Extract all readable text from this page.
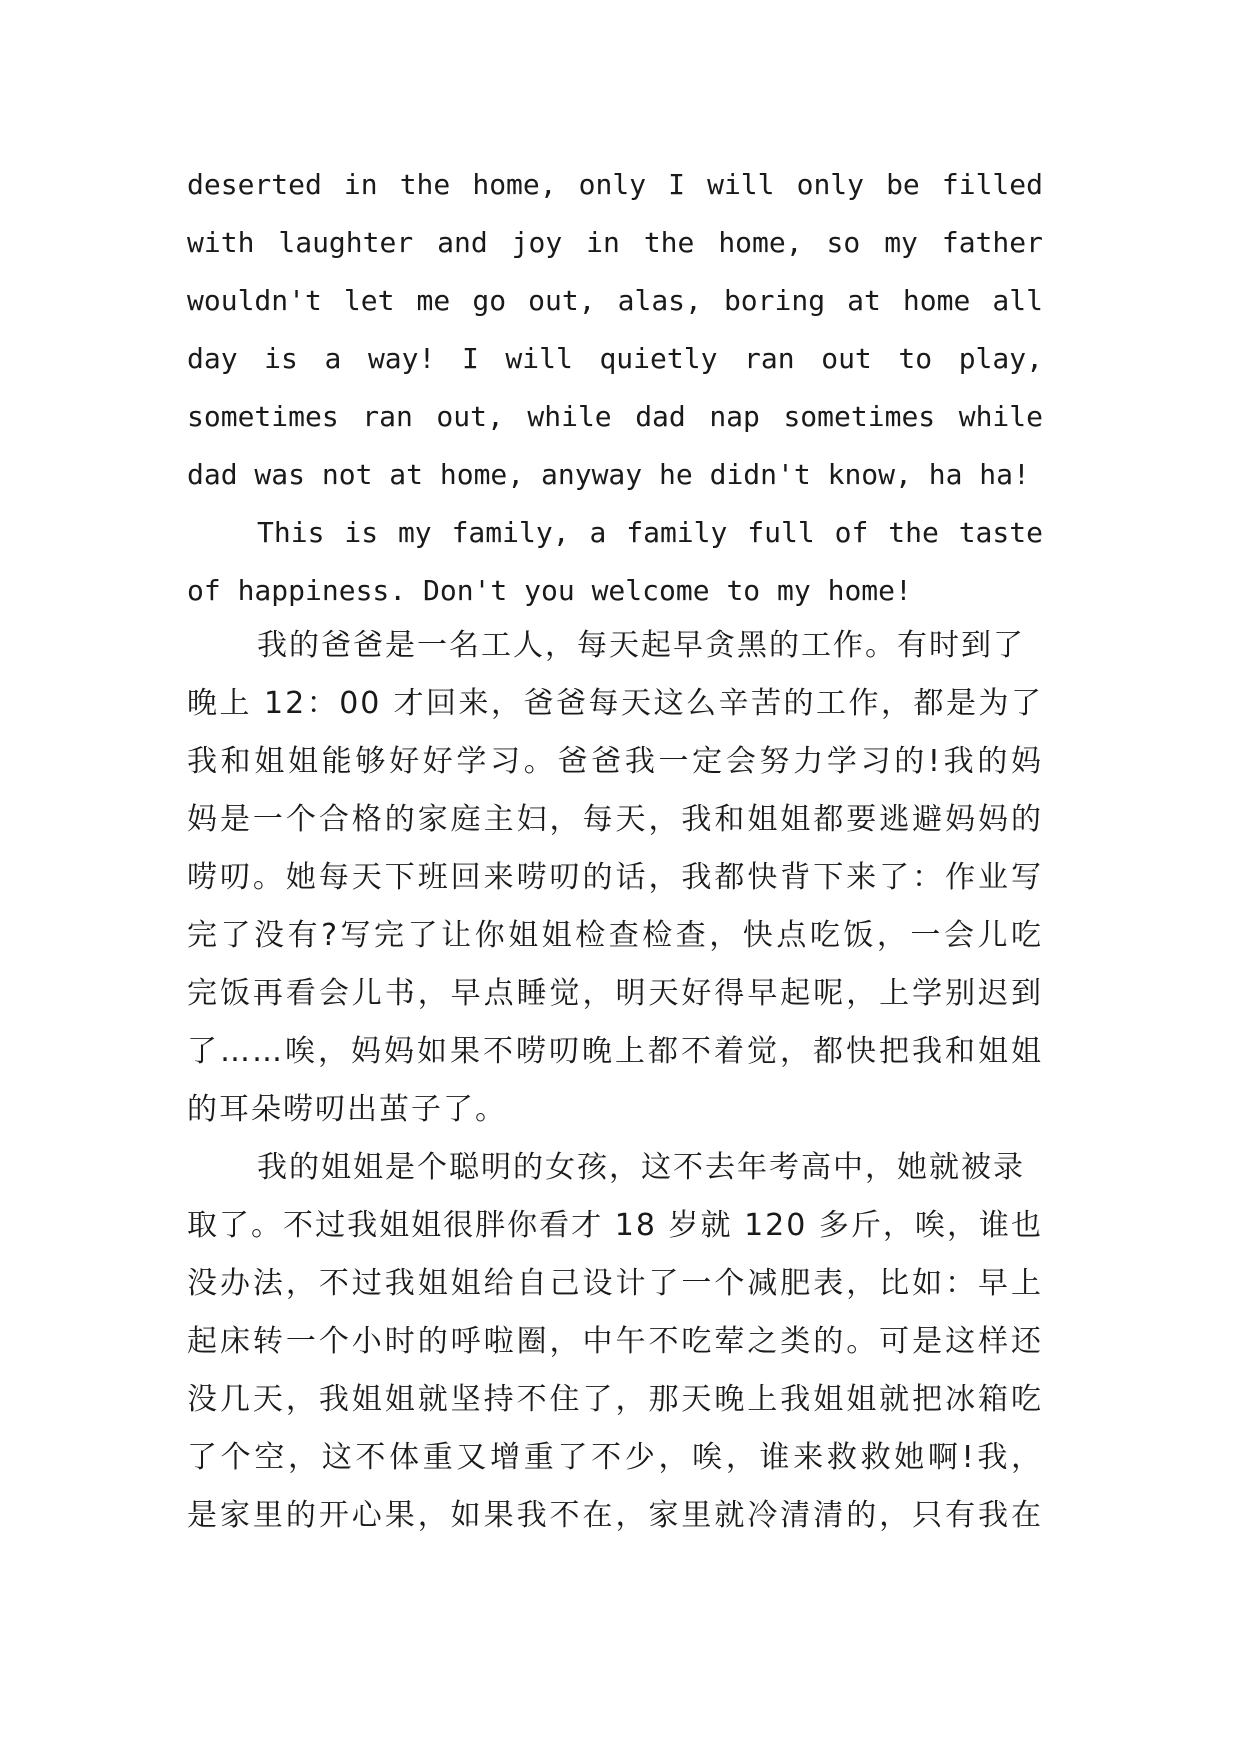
deserted in the home, only I will only be filled

with laughter and joy in the home, so my father

wouldn't let me go out, alas, boring at home all

day is a way! I will quietly ran out to play,

sometimes ran out, while dad nap sometimes while

dad was not at home, anyway he didn't know, ha ha!

This is my family, a family full of the taste

of happiness. Don't you welcome to my home!

我的爸爸是一名工人，每天起早贪黑的工作。有时到了

晚上 12：00 才回来，爸爸每天这么辛苦的工作，都是为了

我和姐姐能够好好学习。爸爸我一定会努力学习的!我的妈

妈是一个合格的家庭主妇，每天，我和姐姐都要逃避妈妈的

唠叨。她每天下班回来唠叨的话，我都快背下来了：作业写

完了没有?写完了让你姐姐检查检查，快点吃饭，一会儿吃

完饭再看会儿书，早点睡觉，明天好得早起呢，上学别迟到

了……唉，妈妈如果不唠叨晚上都不着觉，都快把我和姐姐

的耳朵唠叨出茧子了。

我的姐姐是个聪明的女孩，这不去年考高中，她就被录

取了。不过我姐姐很胖你看才 18 岁就 120 多斤，唉，谁也

没办法，不过我姐姐给自己设计了一个减肥表，比如：早上

起床转一个小时的呼啦圈，中午不吃荤之类的。可是这样还

没几天，我姐姐就坚持不住了，那天晚上我姐姐就把冰箱吃

了个空，这不体重又增重了不少，唉，谁来救救她啊!我，

是家里的开心果，如果我不在，家里就冷清清的，只有我在
